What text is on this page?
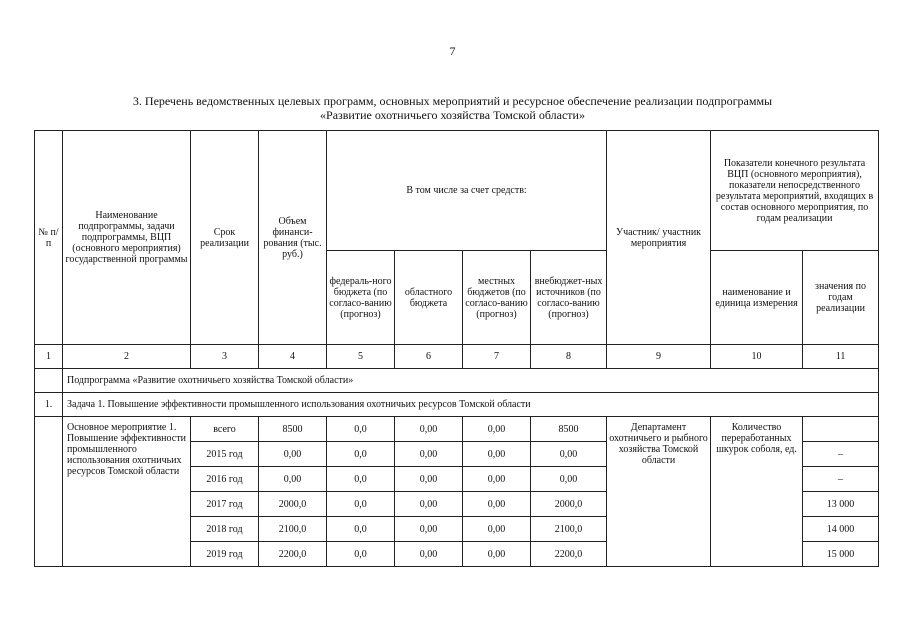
7
3. Перечень ведомственных целевых программ, основных мероприятий и ресурсное обеспечение реализации подпрограммы
«Развитие охотничьего хозяйства Томской области»
№ п/п	Наименование подпрограммы, задачи подпрограммы, ВЦП (основного мероприятия) государственной программы	Срок реализации	Объем финанси-рования (тыс. руб.)	В том числе за счет средств:				Участник/ участник мероприятия	Показатели конечного результата ВЦП (основного мероприятия), показатели непосредственного результата мероприятий, входящих в состав основного мероприятия, по годам реализации	
				федераль-ного бюджета (по согласо-ванию (прогноз)	областного бюджета	местных бюджетов (по согласо-ванию (прогноз)	внебюджет-ных источников (по согласо-ванию (прогноз)		наименование и единица измерения	значения по годам реализации
1	2	3	4	5	6	7	8	9	10	11
	Подпрограмма «Развитие охотничьего хозяйства Томской области»									
1.	Задача 1. Повышение эффективности промышленного использования охотничьих ресурсов Томской области									
	Основное мероприятие 1. Повышение эффективности промышленного использования охотничьих ресурсов Томской области	всего	8500	0,0	0,00	0,00	8500	Департамент охотничьего и рыбного хозяйства Томской области	Количество переработанных шкурок соболя, ед.	
		2015 год	0,00	0,0	0,00	0,00	0,00			–
		2016 год	0,00	0,0	0,00	0,00	0,00			–
		2017 год	2000,0	0,0	0,00	0,00	2000,0			13 000
		2018 год	2100,0	0,0	0,00	0,00	2100,0			14 000
		2019 год	2200,0	0,0	0,00	0,00	2200,0			15 000
